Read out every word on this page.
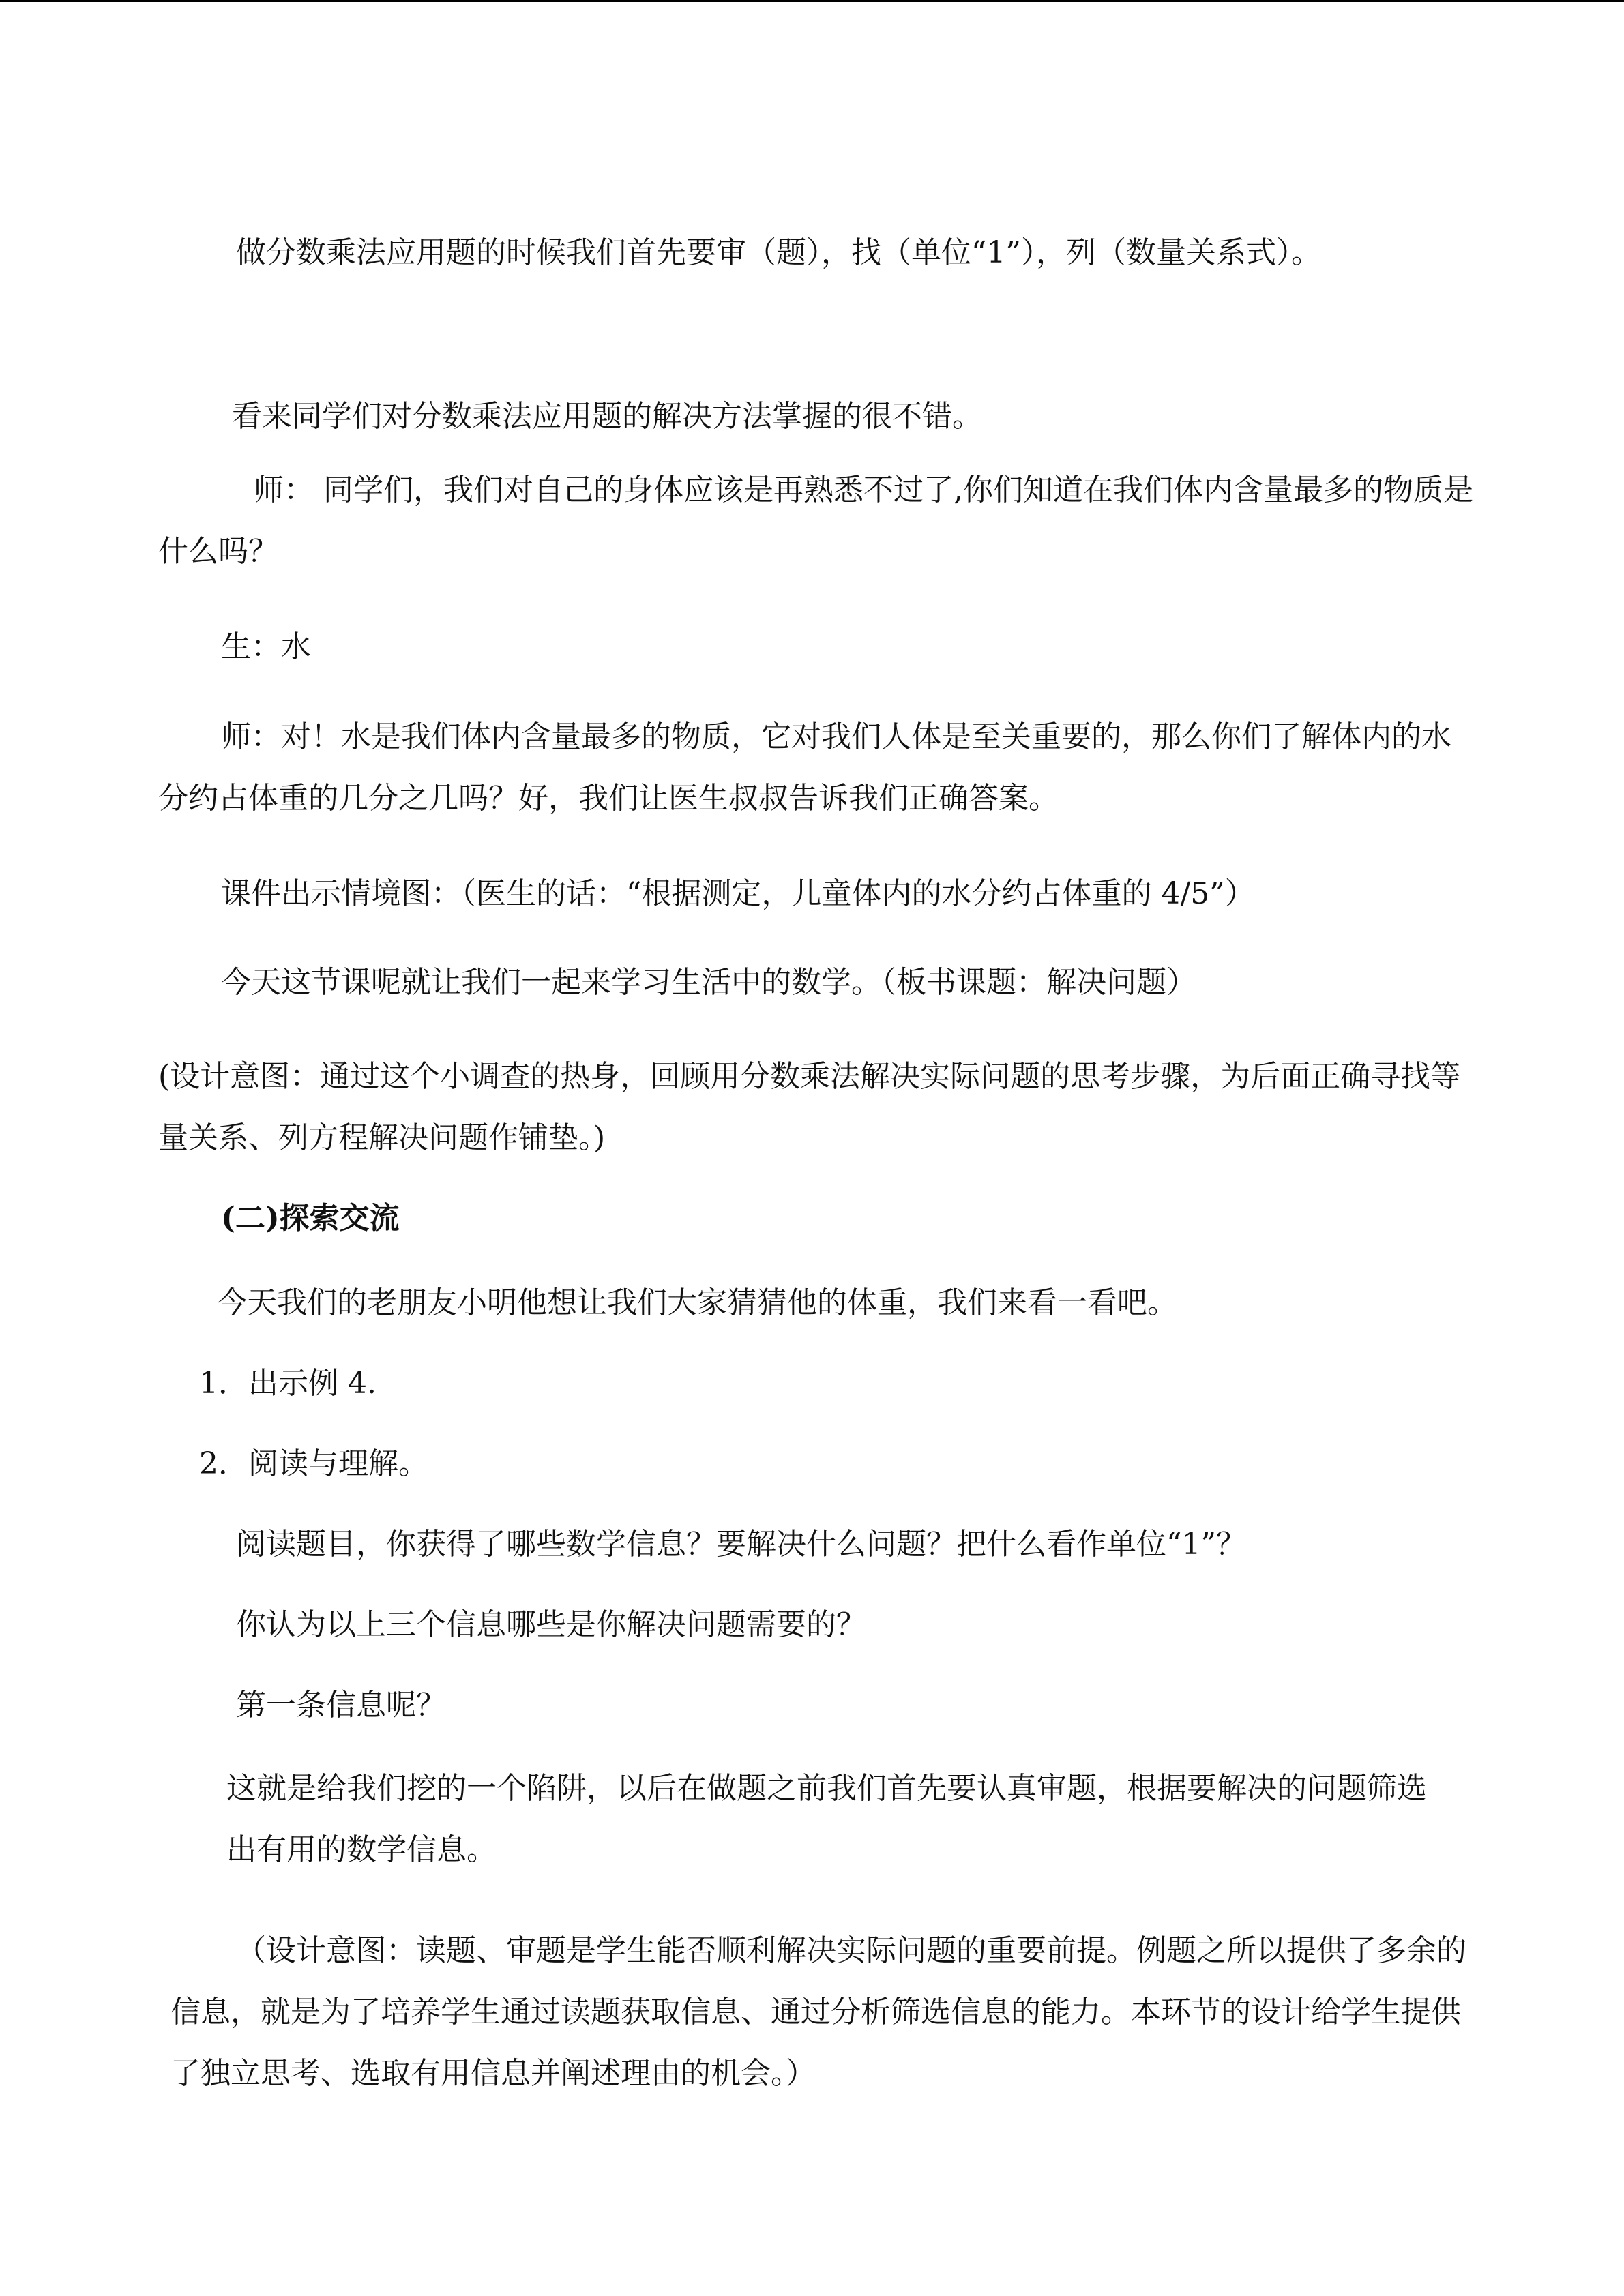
做分数乘法应用题的时候我们首先要审（题），找（单位“1”），列（数量关系式）。

看来同学们对分数乘法应用题的解决方法掌握的很不错。

师： 同学们，我们对自己的身体应该是再熟悉不过了,你们知道在我们体内含量最多的物质是什么吗？

生：水

师：对！水是我们体内含量最多的物质，它对我们人体是至关重要的，那么你们了解体内的水分约占体重的几分之几吗？好，我们让医生叔叔告诉我们正确答案。

课件出示情境图：（医生的话：“根据测定，儿童体内的水分约占体重的 4/5”）

今天这节课呢就让我们一起来学习生活中的数学。（板书课题：解决问题）

(设计意图：通过这个小调查的热身，回顾用分数乘法解决实际问题的思考步骤，为后面正确寻找等量关系、列方程解决问题作铺垫。)

(二)探索交流

今天我们的老朋友小明他想让我们大家猜猜他的体重，我们来看一看吧。

1．出示例 4.

2．阅读与理解。

阅读题目，你获得了哪些数学信息？要解决什么问题？把什么看作单位“1”？

你认为以上三个信息哪些是你解决问题需要的？

第一条信息呢？

这就是给我们挖的一个陷阱，以后在做题之前我们首先要认真审题，根据要解决的问题筛选出有用的数学信息。

（设计意图：读题、审题是学生能否顺利解决实际问题的重要前提。例题之所以提供了多余的信息，就是为了培养学生通过读题获取信息、通过分析筛选信息的能力。本环节的设计给学生提供了独立思考、选取有用信息并阐述理由的机会。）
